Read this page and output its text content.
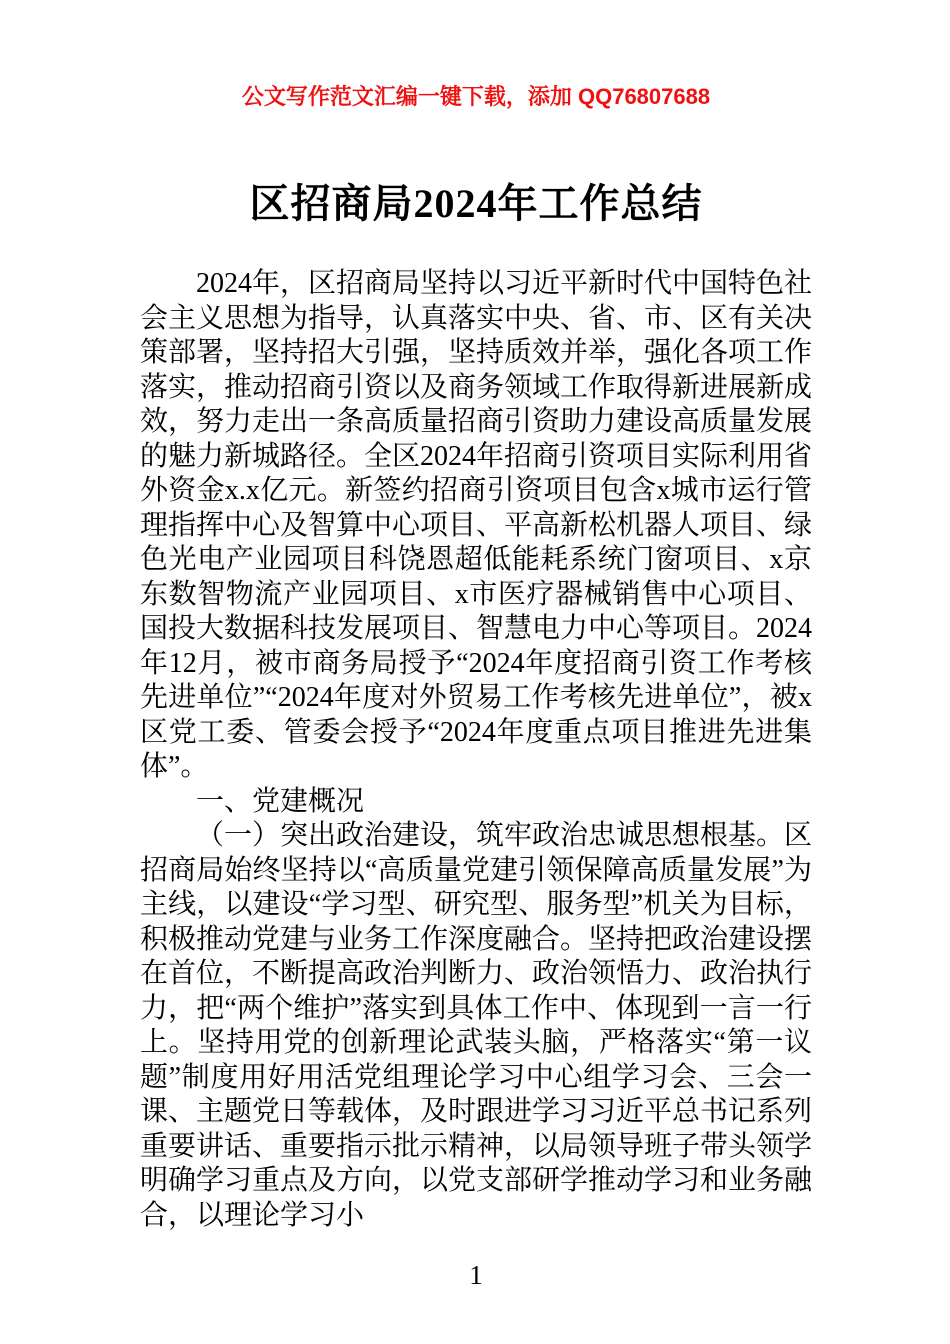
公文写作范文汇编一键下载，添加 QQ76807688
区招商局2024年工作总结

2024年，区招商局坚持以习近平新时代中国特色社会主义思想为指导，认真落实中央、省、市、区有关决策部署，坚持招大引强，坚持质效并举，强化各项工作落实，推动招商引资以及商务领域工作取得新进展新成效，努力走出一条高质量招商引资助力建设高质量发展的魅力新城路径。全区2024年招商引资项目实际利用省外资金x.x亿元。新签约招商引资项目包含x城市运行管理指挥中心及智算中心项目、平高新松机器人项目、绿色光电产业园项目科饶恩超低能耗系统门窗项目、x京东数智物流产业园项目、x市医疗器械销售中心项目、国投大数据科技发展项目、智慧电力中心等项目。2024年12月，被市商务局授予“2024年度招商引资工作考核先进单位”“2024年度对外贸易工作考核先进单位”，被x区党工委、管委会授予“2024年度重点项目推进先进集体”。

一、党建概况

（一）突出政治建设，筑牢政治忠诚思想根基。区招商局始终坚持以“高质量党建引领保障高质量发展”为主线，以建设“学习型、研究型、服务型”机关为目标，积极推动党建与业务工作深度融合。坚持把政治建设摆在首位，不断提高政治判断力、政治领悟力、政治执行力，把“两个维护”落实到具体工作中、体现到一言一行上。坚持用党的创新理论武装头脑，严格落实“第一议题”制度用好用活党组理论学习中心组学习会、三会一课、主题党日等载体，及时跟进学习习近平总书记系列重要讲话、重要指示批示精神，以局领导班子带头领学明确学习重点及方向，以党支部研学推动学习和业务融合，以理论学习小

1
